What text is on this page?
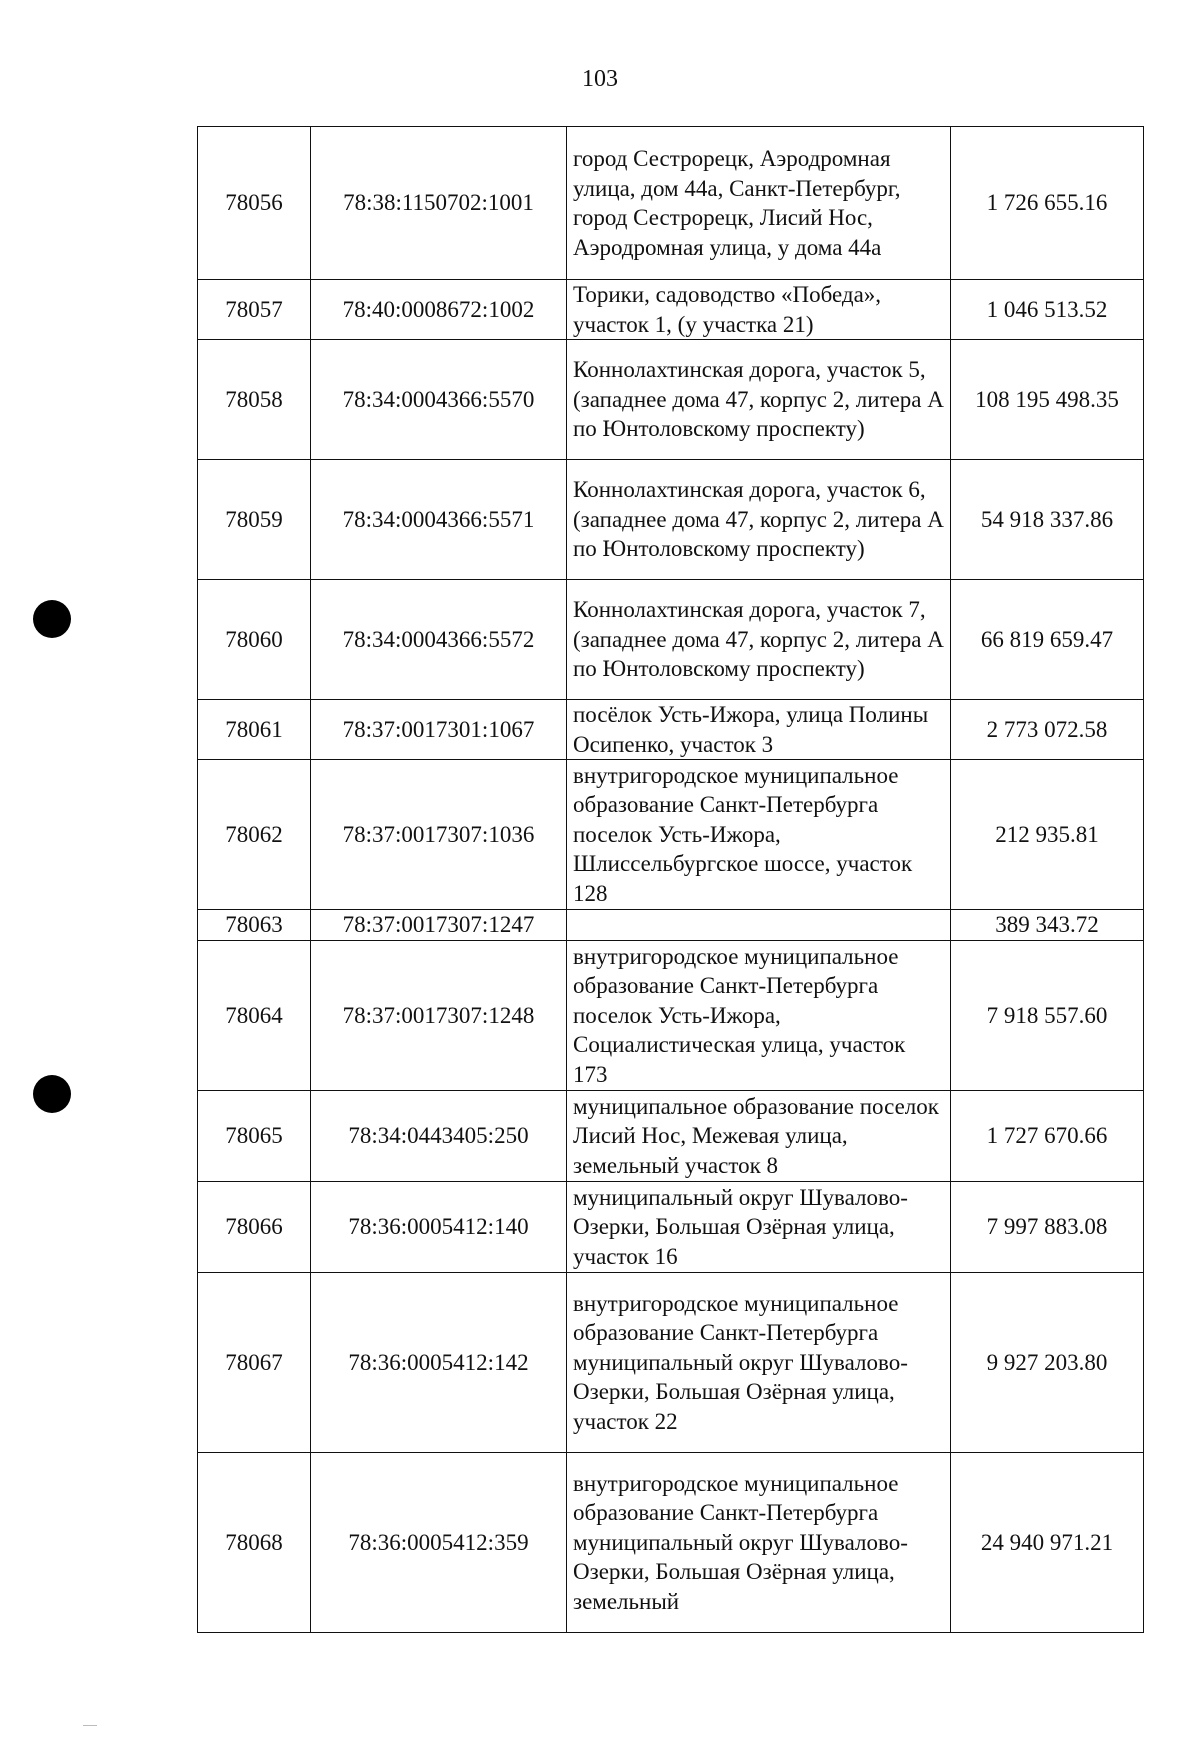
103
78056	78:38:1150702:1001	город Сестрорецк, Аэродромная улица, дом 44а, Санкт-Петербург, город Сестрорецк, Лисий Нос, Аэродромная улица, у дома 44а	1 726 655.16
78057	78:40:0008672:1002	Торики, садоводство «Победа», участок 1, (у участка 21)	1 046 513.52
78058	78:34:0004366:5570	Коннолахтинская дорога, участок 5, (западнее дома 47, корпус 2, литера А по Юнтоловскому проспекту)	108 195 498.35
78059	78:34:0004366:5571	Коннолахтинская дорога, участок 6, (западнее дома 47, корпус 2, литера А по Юнтоловскому проспекту)	54 918 337.86
78060	78:34:0004366:5572	Коннолахтинская дорога, участок 7, (западнее дома 47, корпус 2, литера А по Юнтоловскому проспекту)	66 819 659.47
78061	78:37:0017301:1067	посёлок Усть-Ижора, улица Полины Осипенко, участок 3	2 773 072.58
78062	78:37:0017307:1036	внутригородское муниципальное образование Санкт-Петербурга поселок Усть-Ижора, Шлиссельбургское шоссе, участок 128	212 935.81
78063	78:37:0017307:1247		389 343.72
78064	78:37:0017307:1248	внутригородское муниципальное образование Санкт-Петербурга поселок Усть-Ижора, Социалистическая улица, участок 173	7 918 557.60
78065	78:34:0443405:250	муниципальное образование поселок Лисий Нос, Межевая улица, земельный участок 8	1 727 670.66
78066	78:36:0005412:140	муниципальный округ Шувалово-Озерки, Большая Озёрная улица, участок 16	7 997 883.08
78067	78:36:0005412:142	внутригородское муниципальное образование Санкт-Петербурга муниципальный округ Шувалово-Озерки, Большая Озёрная улица, участок 22	9 927 203.80
78068	78:36:0005412:359	внутригородское муниципальное образование Санкт-Петербурга муниципальный округ Шувалово-Озерки, Большая Озёрная улица, земельный	24 940 971.21
